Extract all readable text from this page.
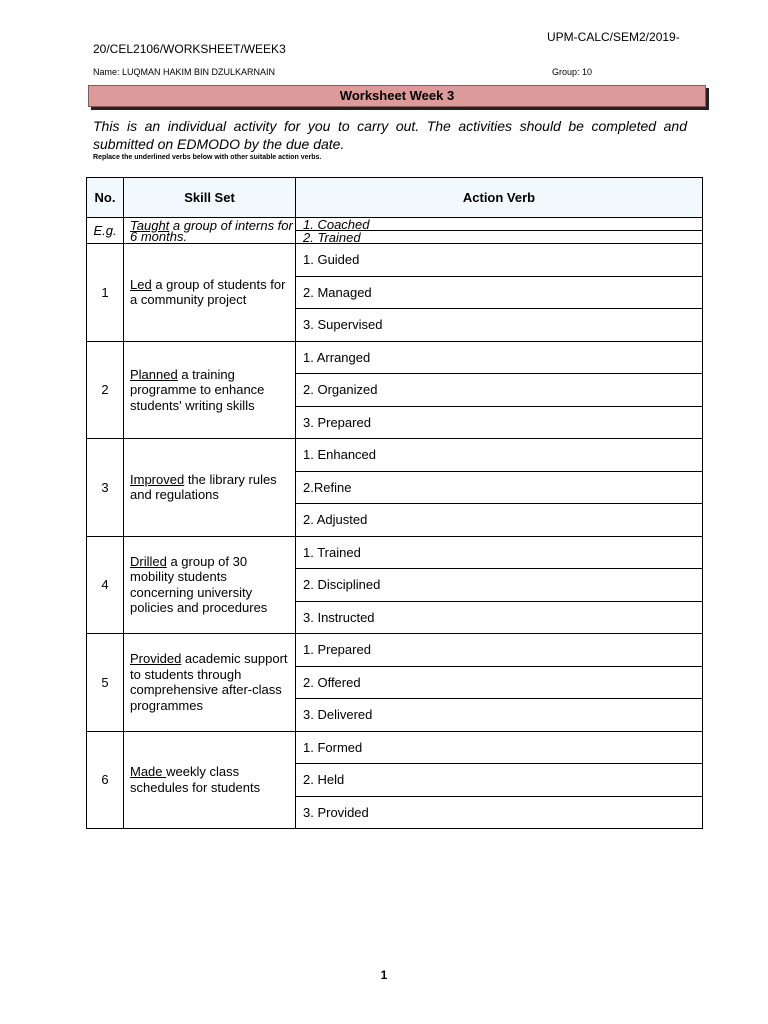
UPM-CALC/SEM2/2019-
20/CEL2106/WORKSHEET/WEEK3
Name: LUQMAN HAKIM BIN DZULKARNAIN	Group: 10
Worksheet Week 3
This is an individual activity for you to carry out. The activities should be completed and submitted on EDMODO by the due date.
Replace the underlined verbs below with other suitable action verbs.
No.	Skill Set	Action Verb
E.g.	Taught a group of interns for 6 months.	1. Coached
		2. Trained
1	Led a group of students for a community project	1. Guided
		2. Managed
		3. Supervised
2	Planned a training programme to enhance students' writing skills	1. Arranged
		2. Organized
		3. Prepared
3	Improved the library rules and regulations	1. Enhanced
		2.Refine
		2. Adjusted
4	Drilled a group of 30 mobility students concerning university policies and procedures	1. Trained
		2. Disciplined
		3. Instructed
5	Provided academic support to students through comprehensive after-class programmes	1. Prepared
		2. Offered
		3. Delivered
6	Made weekly class schedules for students	1. Formed
		2. Held
		3. Provided
1
